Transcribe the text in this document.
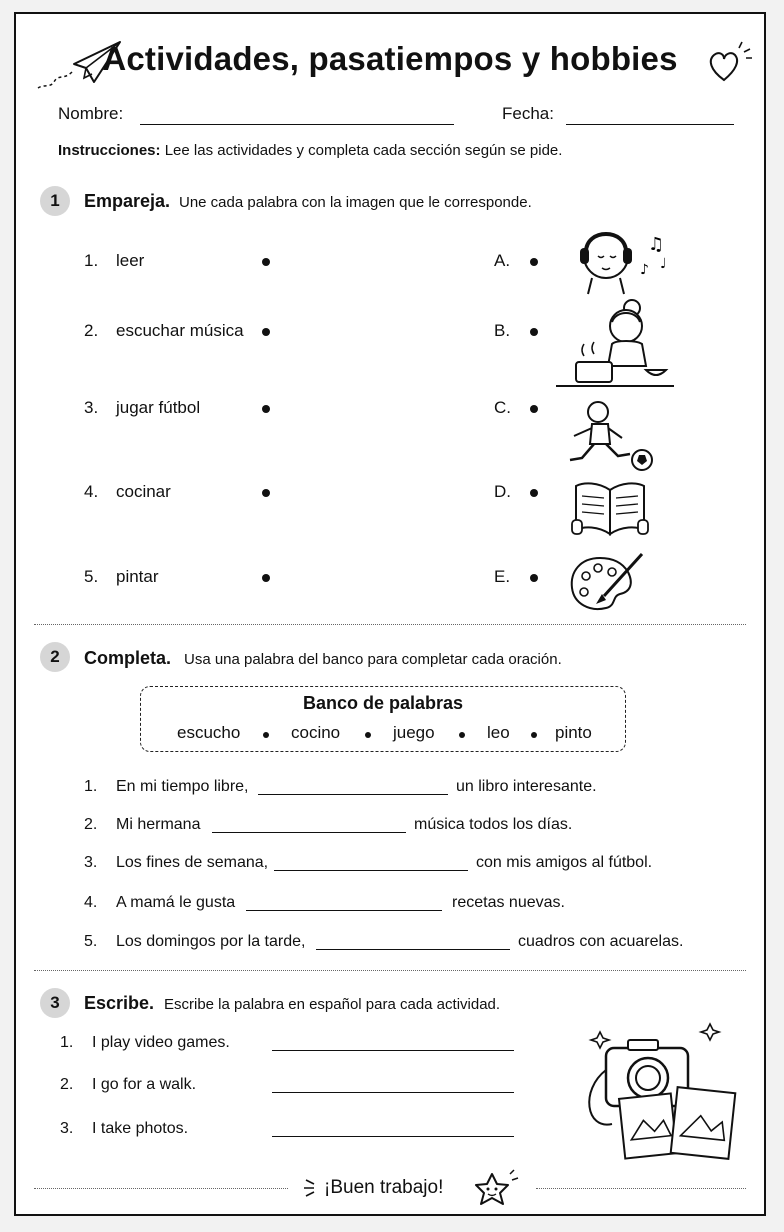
Actividades, pasatiempos y hobbies
Nombre:	Fecha:
Instrucciones: Lee las actividades y completa cada sección según se pide.
1	Empareja. Une cada palabra con la imagen que le corresponde.
1. leer	A.
2. escuchar música	B.
3. jugar fútbol	C.
4. cocinar	D.
5. pintar	E.
♫
♪ ♩
2	Completa. Usa una palabra del banco para completar cada oración.
Banco de palabras
escucho	cocino	juego	leo	pinto
1. En mi tiempo libre,	un libro interesante.
2. Mi hermana	música todos los días.
3. Los fines de semana,	con mis amigos al fútbol.
4. A mamá le gusta	recetas nuevas.
5. Los domingos por la tarde,	cuadros con acuarelas.
3	Escribe. Escribe la palabra en español para cada actividad.
1. I play video games.
2. I go for a walk.
3. I take photos.
¡Buen trabajo!
